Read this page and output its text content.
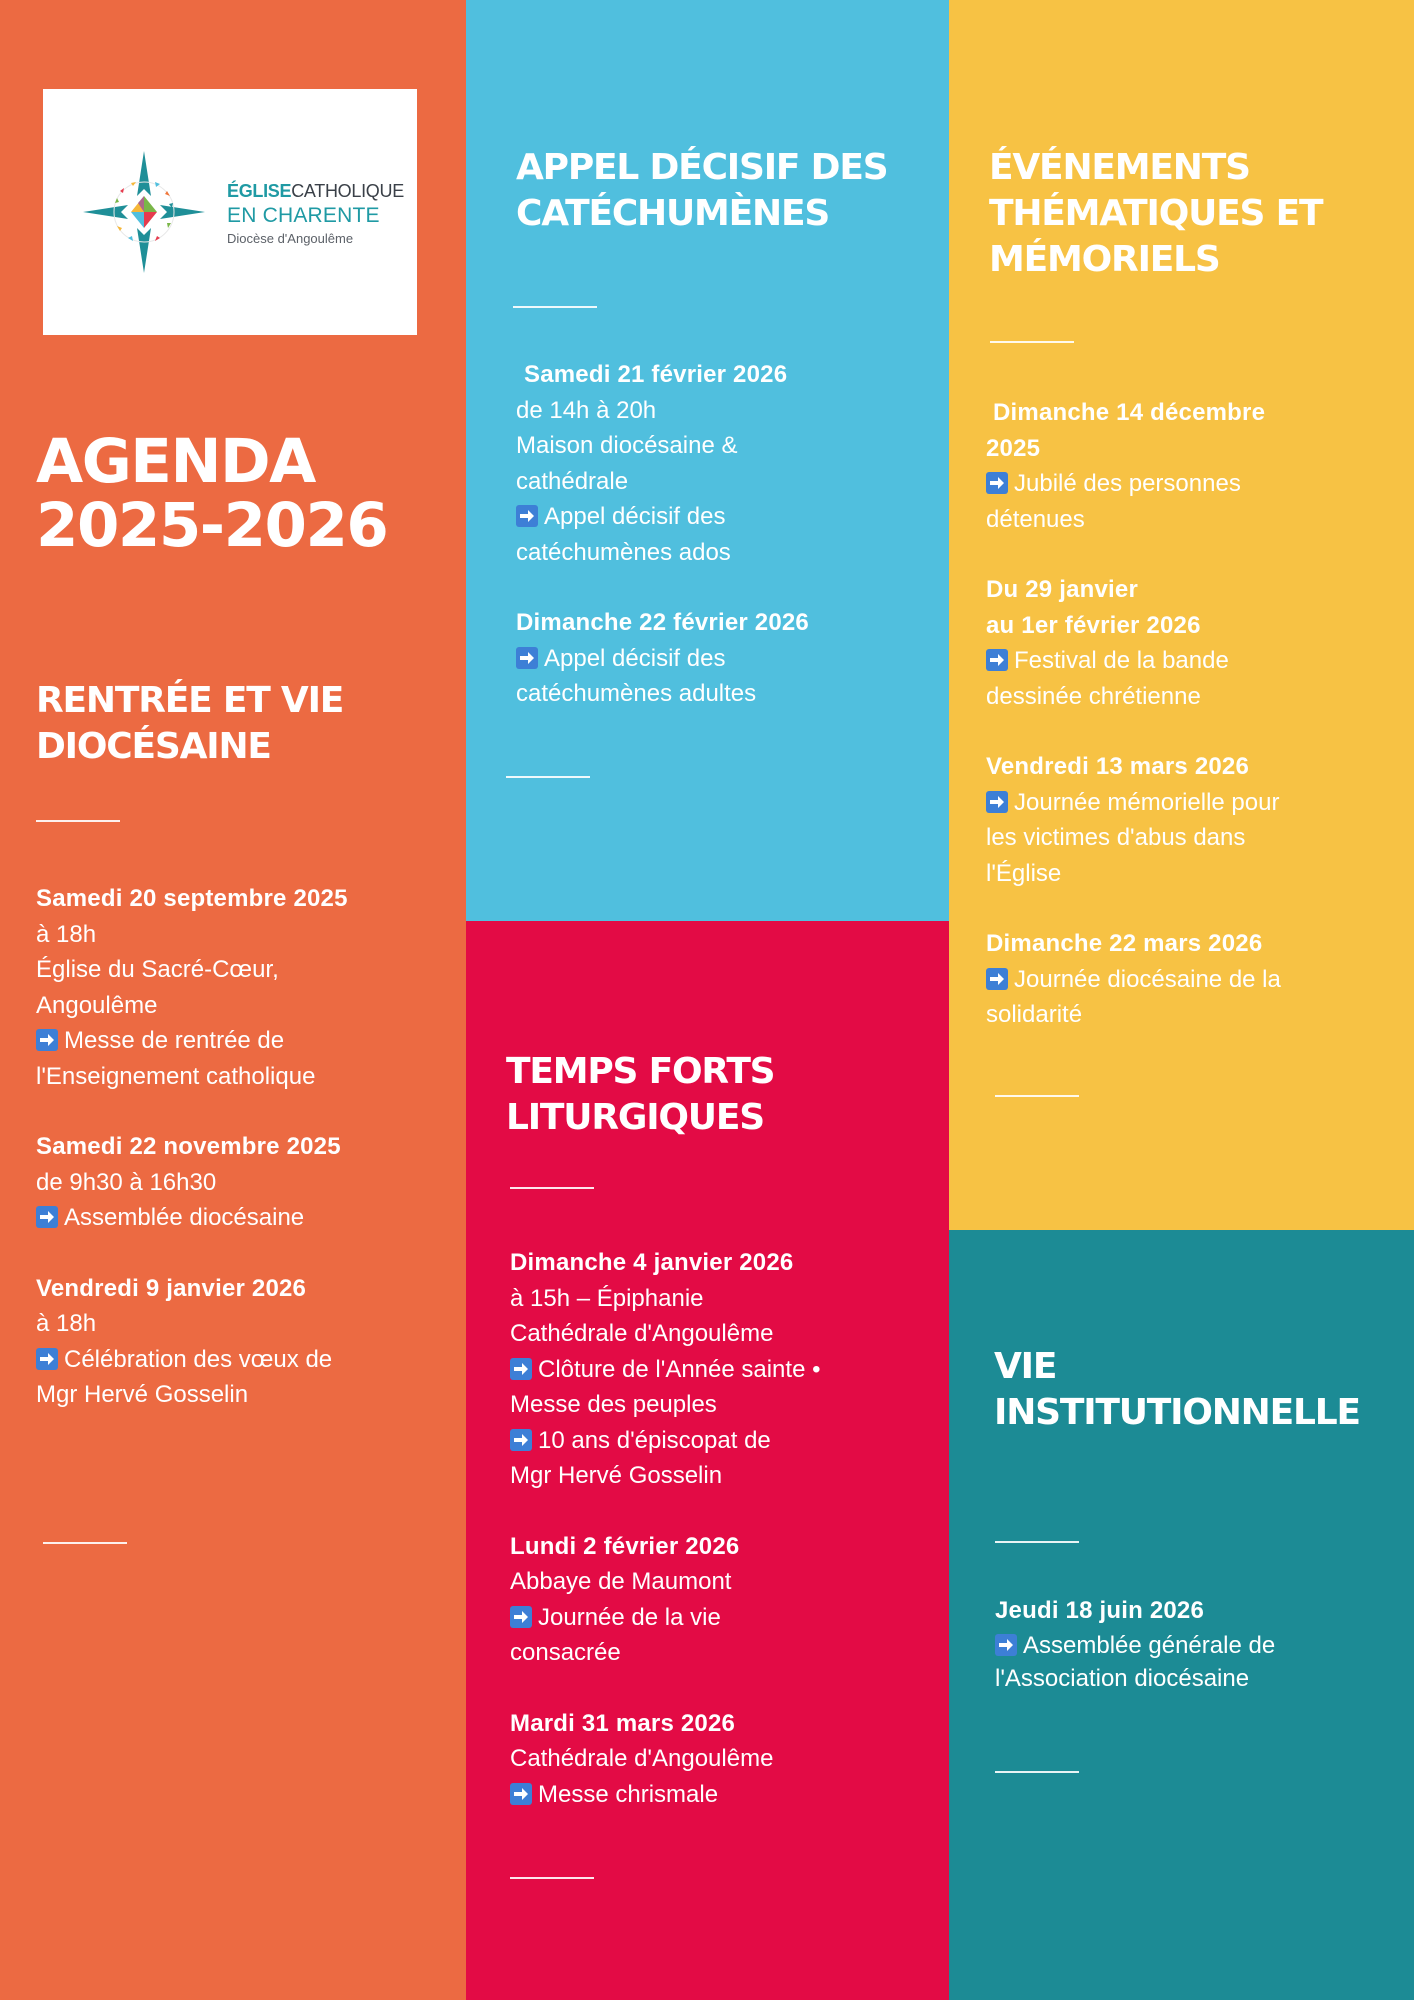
ÉGLISECATHOLIQUE
EN CHARENTE
Diocèse d'Angoulême
AGENDA
2025-2026
RENTRÉE ET VIE
DIOCÉSAINE
Samedi 20 septembre 2025
à 18h
Église du Sacré-Cœur,
Angoulême
Messe de rentrée de
l'Enseignement catholique
Samedi 22 novembre 2025
de 9h30 à 16h30
Assemblée diocésaine
Vendredi 9 janvier 2026
à 18h
Célébration des vœux de
Mgr Hervé Gosselin
APPEL DÉCISIF DES
CATÉCHUMÈNES
Samedi 21 février 2026
de 14h à 20h
Maison diocésaine &
cathédrale
Appel décisif des
catéchumènes ados
Dimanche 22 février 2026
Appel décisif des
catéchumènes adultes
TEMPS FORTS
LITURGIQUES
Dimanche 4 janvier 2026
à 15h – Épiphanie
Cathédrale d'Angoulême
Clôture de l'Année sainte •
Messe des peuples
10 ans d'épiscopat de
Mgr Hervé Gosselin
Lundi 2 février 2026
Abbaye de Maumont
Journée de la vie
consacrée
Mardi 31 mars 2026
Cathédrale d'Angoulême
Messe chrismale
ÉVÉNEMENTS
THÉMATIQUES ET
MÉMORIELS
Dimanche 14 décembre
2025
Jubilé des personnes
détenues
Du 29 janvier
au 1er février 2026
Festival de la bande
dessinée chrétienne
Vendredi 13 mars 2026
Journée mémorielle pour
les victimes d'abus dans
l'Église
Dimanche 22 mars 2026
Journée diocésaine de la
solidarité
VIE
INSTITUTIONNELLE
Jeudi 18 juin 2026
Assemblée générale de
l'Association diocésaine
